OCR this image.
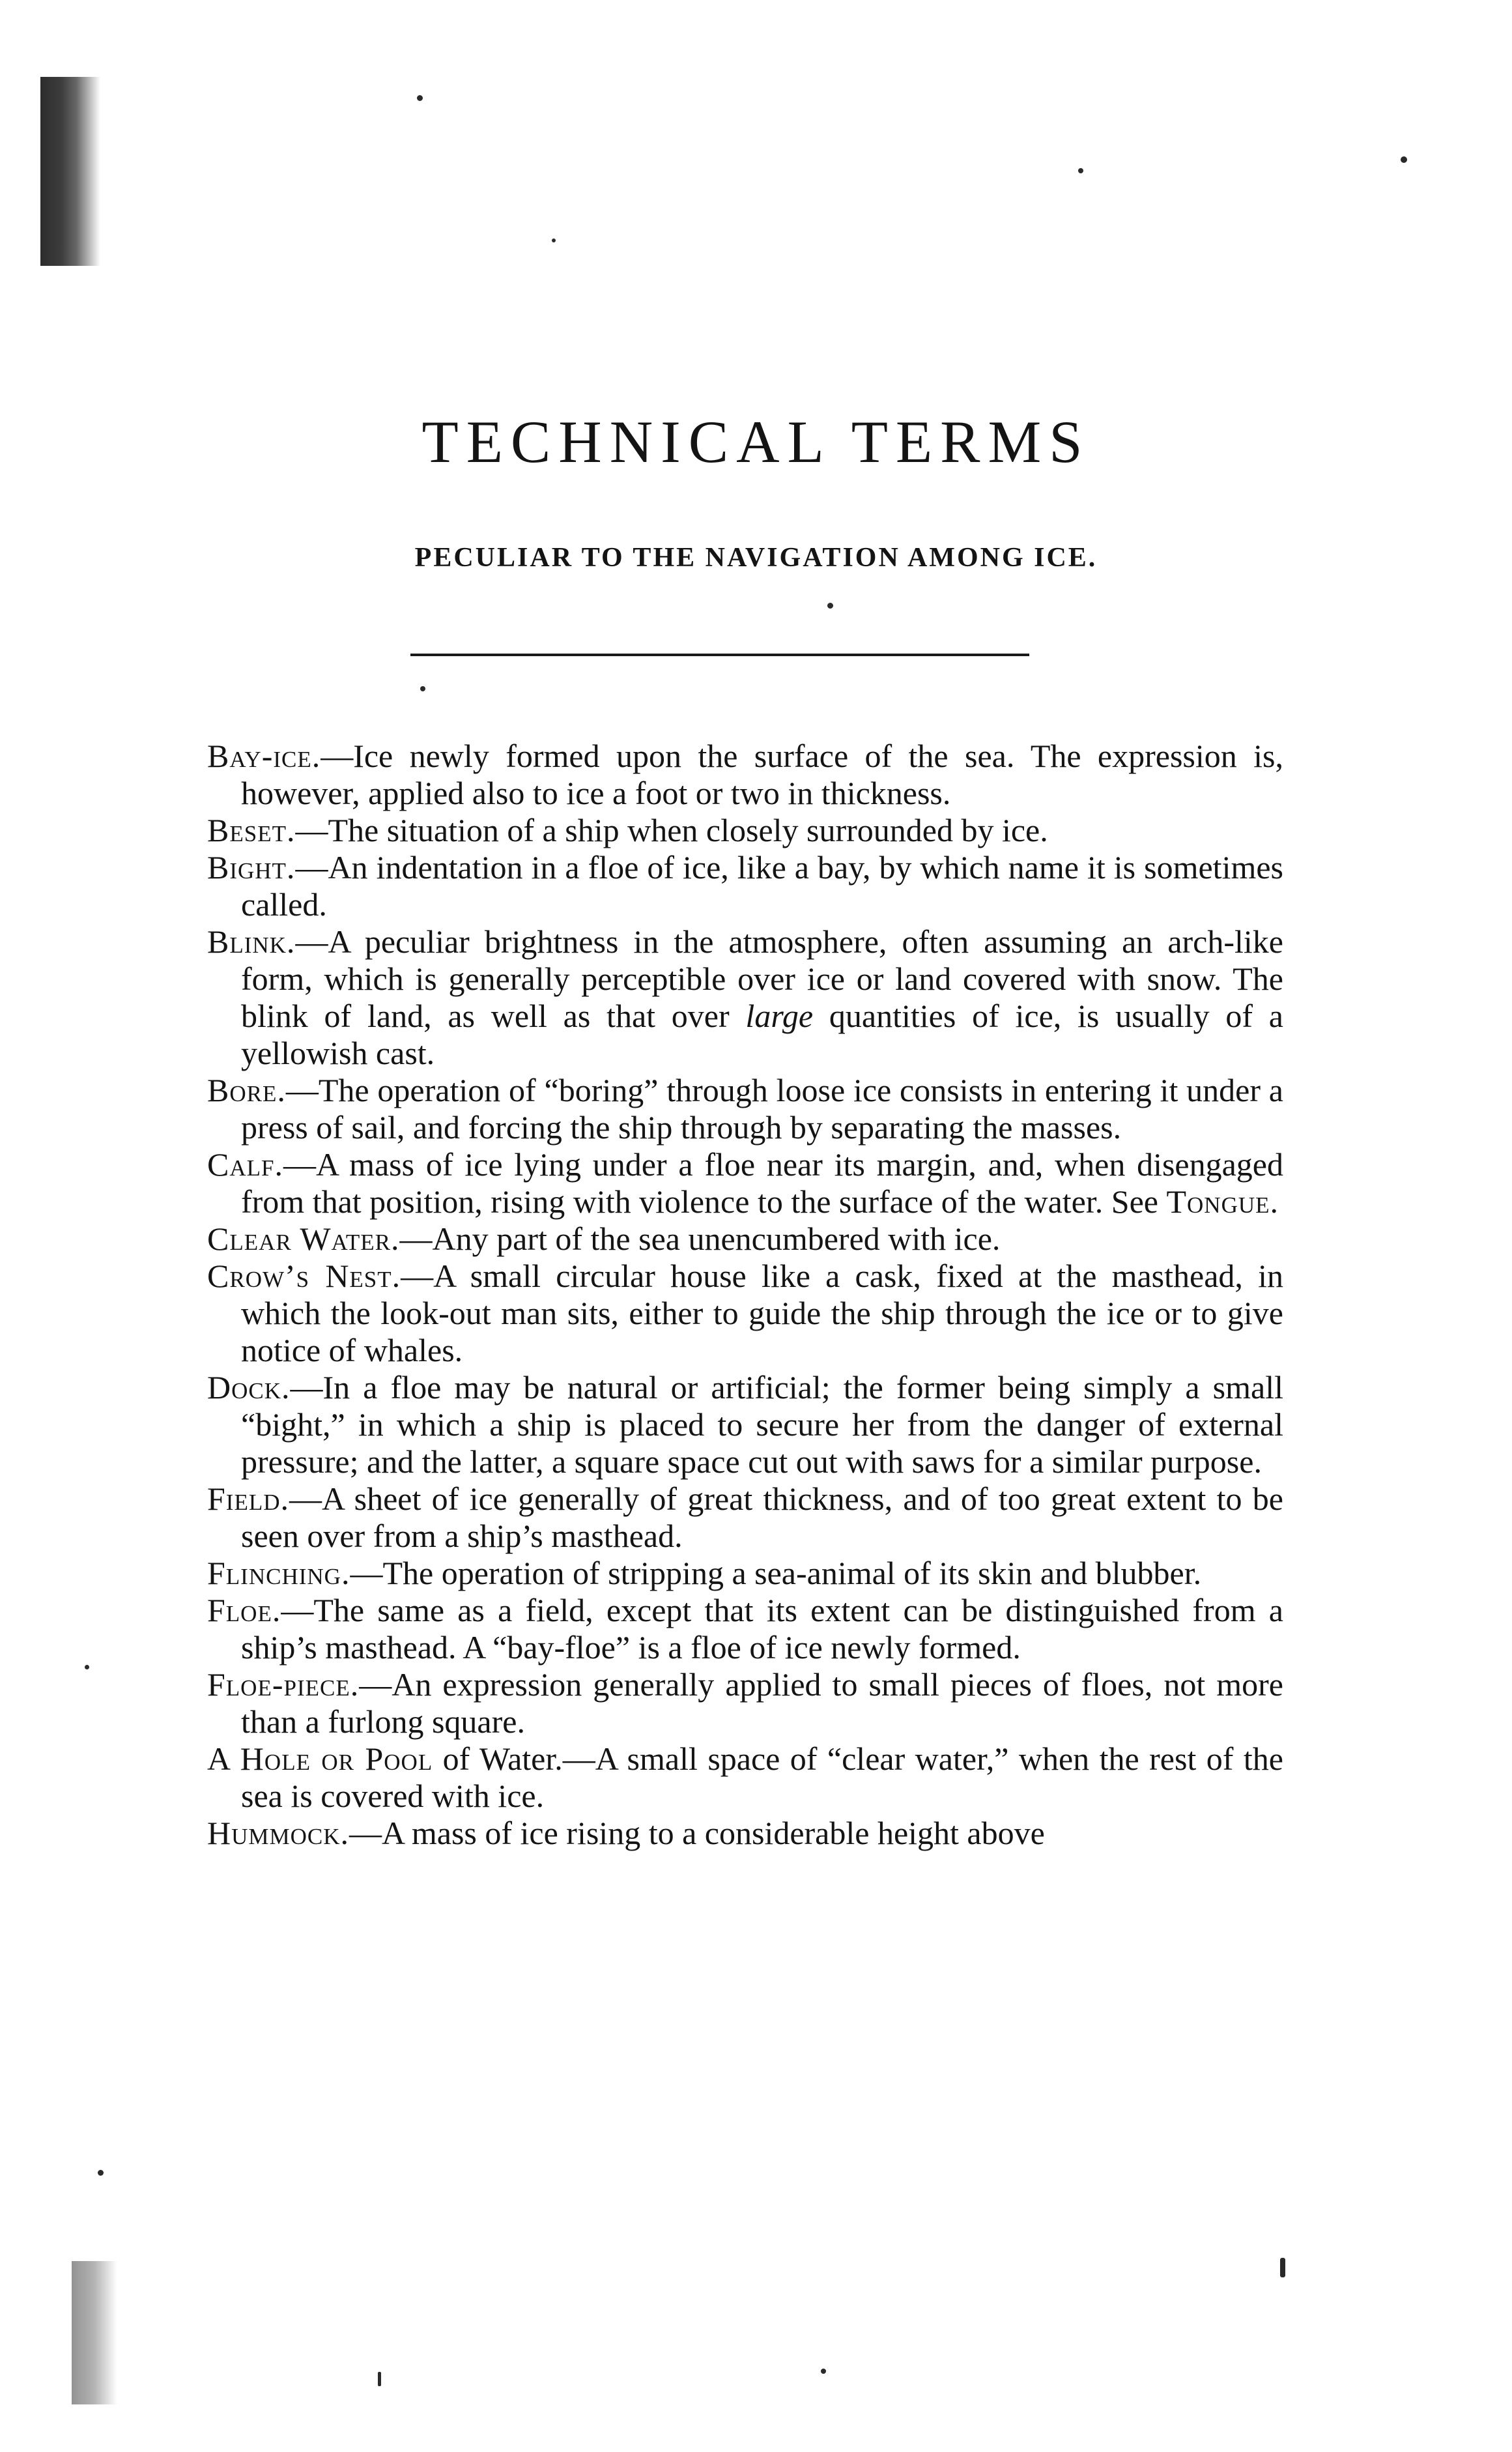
TECHNICAL TERMS
PECULIAR TO THE NAVIGATION AMONG ICE.

Bay-ice.—Ice newly formed upon the surface of the sea. The expression is, however, applied also to ice a foot or two in thickness.

Beset.—The situation of a ship when closely surrounded by ice.

Bight.—An indentation in a floe of ice, like a bay, by which name it is sometimes called.

Blink.—A peculiar brightness in the atmosphere, often assuming an arch-like form, which is generally perceptible over ice or land covered with snow. The blink of land, as well as that over large quantities of ice, is usually of a yellowish cast.

Bore.—The operation of “boring” through loose ice consists in entering it under a press of sail, and forcing the ship through by separating the masses.

Calf.—A mass of ice lying under a floe near its margin, and, when disengaged from that position, rising with violence to the surface of the water. See Tongue.

Clear Water.—Any part of the sea unencumbered with ice.

Crow’s Nest.—A small circular house like a cask, fixed at the masthead, in which the look-out man sits, either to guide the ship through the ice or to give notice of whales.

Dock.—In a floe may be natural or artificial; the former being simply a small “bight,” in which a ship is placed to secure her from the danger of external pressure; and the latter, a square space cut out with saws for a similar purpose.

Field.—A sheet of ice generally of great thickness, and of too great extent to be seen over from a ship’s masthead.

Flinching.—The operation of stripping a sea-animal of its skin and blubber.

Floe.—The same as a field, except that its extent can be distinguished from a ship’s masthead. A “bay-floe” is a floe of ice newly formed.

Floe-piece.—An expression generally applied to small pieces of floes, not more than a furlong square.

A Hole or Pool of Water.—A small space of “clear water,” when the rest of the sea is covered with ice.

Hummock.—A mass of ice rising to a considerable height above
